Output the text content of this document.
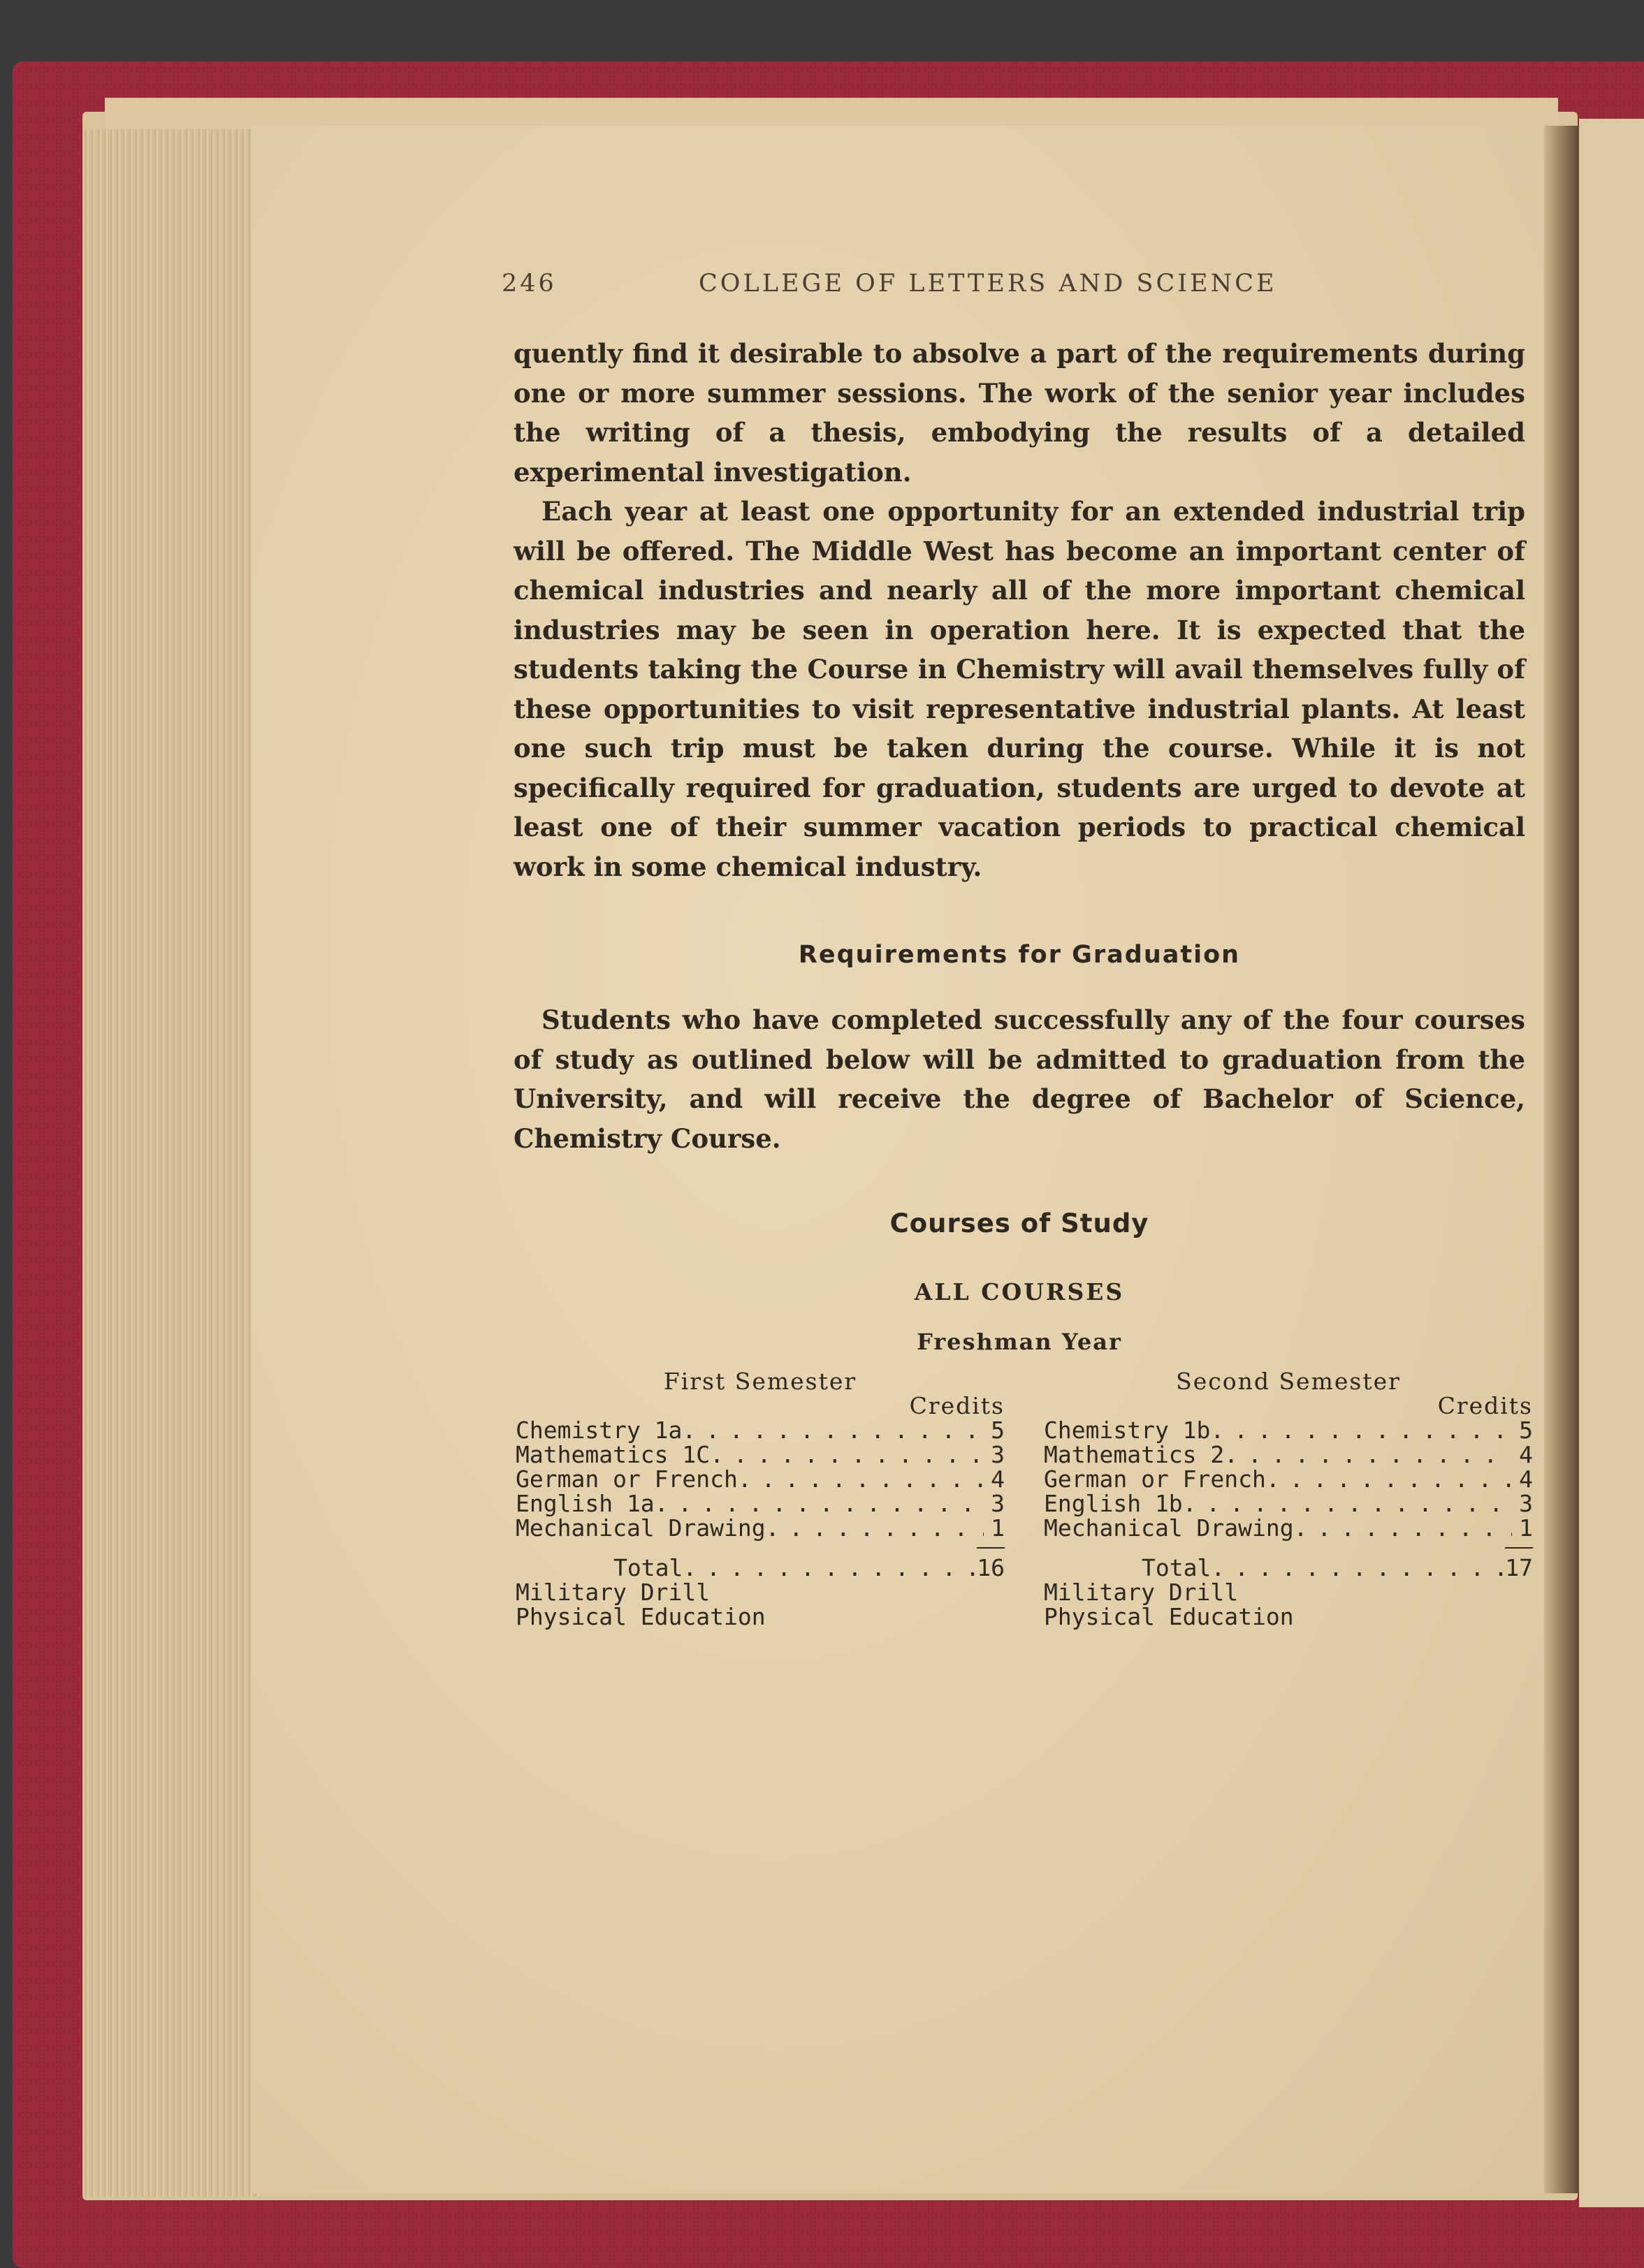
246	COLLEGE OF LETTERS AND SCIENCE

quently find it desirable to absolve a part of the requirements during one or more summer sessions. The work of the senior year includes the writing of a thesis, embodying the results of a detailed experimental investigation.

Each year at least one opportunity for an extended industrial trip will be offered. The Middle West has become an important center of chemical industries and nearly all of the more important chemical industries may be seen in operation here. It is expected that the students taking the Course in Chemistry will avail themselves fully of these opportunities to visit representative industrial plants. At least one such trip must be taken during the course. While it is not specifically required for graduation, students are urged to devote at least one of their summer vacation periods to practical chemical work in some chemical industry.

Requirements for Graduation

Students who have completed successfully any of the four courses of study as outlined below will be admitted to graduation from the University, and will receive the degree of Bachelor of Science, Chemistry Course.

Courses of Study
ALL COURSES
Freshman Year
First Semester
Credits
Chemistry 1a . . .	5
Mathematics 1C . . .	3
German or French . . .	4
English 1a . . .	3
Mechanical Drawing . . .	1
Total . . .	16
Military Drill
Physical Education
Second Semester
Credits
Chemistry 1b . . .	5
Mathematics 2 . . .	4
German or French . . .	4
English 1b . . .	3
Mechanical Drawing . . .	1
Total . . .	17
Military Drill
Physical Education
